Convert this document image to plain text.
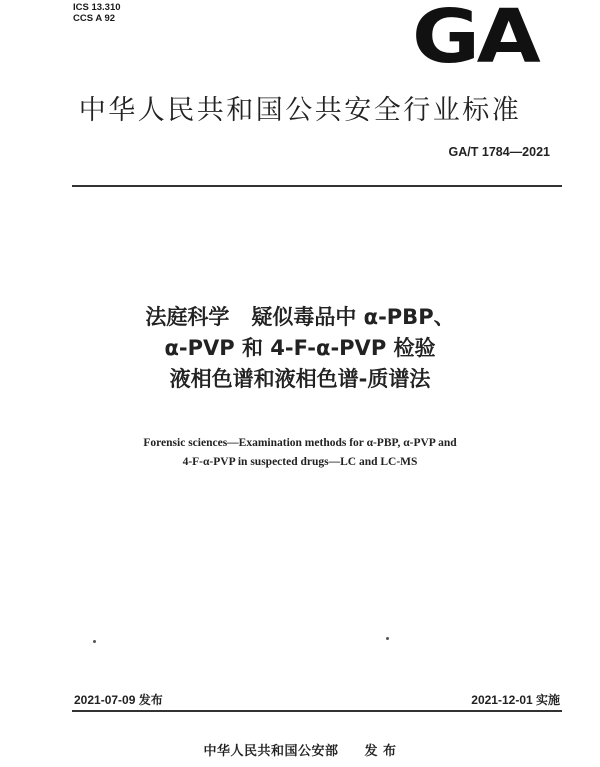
ICS 13.310
CCS A 92	GA
中华人民共和国公共安全行业标准
GA/T 1784—2021
法庭科学   疑似毒品中 α-PBP、
α-PVP 和 4-F-α-PVP 检验
液相色谱和液相色谱-质谱法
Forensic sciences—Examination methods for α-PBP, α-PVP and
4-F-α-PVP in suspected drugs—LC and LC-MS
2021-07-09 发布	2021-12-01 实施
中华人民共和国公安部 发 布
